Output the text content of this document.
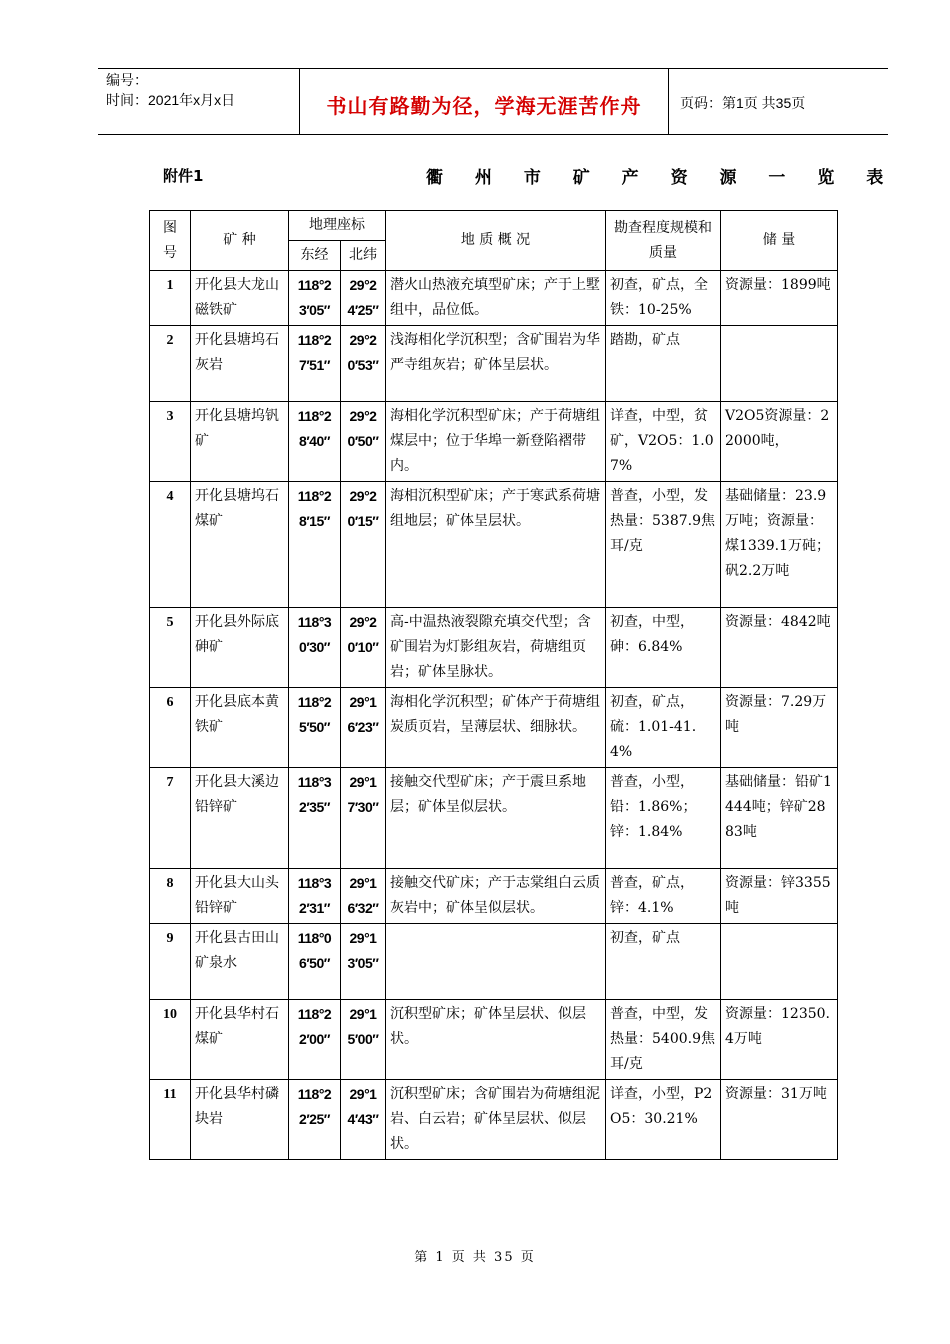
编号：
时间：2021年x月x日	书山有路勤为径，学海无涯苦作舟	页码：第1页 共35页
附件1	衢 州 市 矿 产 资 源 一 览 表
图 号	矿 种	地理座标		地 质 概 况	勘查程度规模和质量	储 量
		东经	北纬			
1	开化县大龙山磁铁矿	118°23′05″	29°24′25″	潜火山热液充填型矿床；产于上墅组中，品位低。	初查，矿点，全铁：10-25%	资源量：1899吨
2	开化县塘坞石灰岩	118°27′51″	29°20′53″	浅海相化学沉积型；含矿围岩为华严寺组灰岩；矿体呈层状。	踏勘，矿点	
3	开化县塘坞钒矿	118°28′40″	29°20′50″	海相化学沉积型矿床；产于荷塘组煤层中；位于华埠一新登陷褶带内。	详查，中型，贫矿，V2O5：1.07%	V2O5资源量：22000吨，
4	开化县塘坞石煤矿	118°28′15″	29°20′15″	海相沉积型矿床；产于寒武系荷塘组地层；矿体呈层状。	普查，小型，发热量：5387.9焦耳/克	基础储量：23.9万吨；资源量：煤1339.1万砘；矾2.2万吨
5	开化县外际底砷矿	118°30′30″	29°20′10″	高-中温热液裂隙充填交代型；含矿围岩为灯影组灰岩，荷塘组页岩；矿体呈脉状。	初查，中型，砷：6.84%	资源量：4842吨
6	开化县底本黄铁矿	118°25′50″	29°16′23″	海相化学沉积型；矿体产于荷塘组炭质页岩，呈薄层状、细脉状。	初查，矿点，硫：1.01-41.4%	资源量：7.29万吨
7	开化县大溪边铅锌矿	118°32′35″	29°17′30″	接触交代型矿床；产于震旦系地层；矿体呈似层状。	普查，小型，铅：1.86%；锌：1.84%	基础储量：铅矿1444吨；锌矿2883吨
8	开化县大山头铅锌矿	118°32′31″	29°16′32″	接触交代矿床；产于志棠组白云质灰岩中；矿体呈似层状。	普查，矿点，锌：4.1%	资源量：锌3355吨
9	开化县古田山矿泉水	118°06′50″	29°13′05″		初查，矿点	
10	开化县华村石煤矿	118°22′00″	29°15′00″	沉积型矿床；矿体呈层状、似层状。	普查，中型，发热量：5400.9焦耳/克	资源量：12350.4万吨
11	开化县华村磷块岩	118°22′25″	29°14′43″	沉积型矿床；含矿围岩为荷塘组泥岩、白云岩；矿体呈层状、似层状。	详查，小型，P2O5：30.21%	资源量：31万吨
第 1 页 共 35 页
